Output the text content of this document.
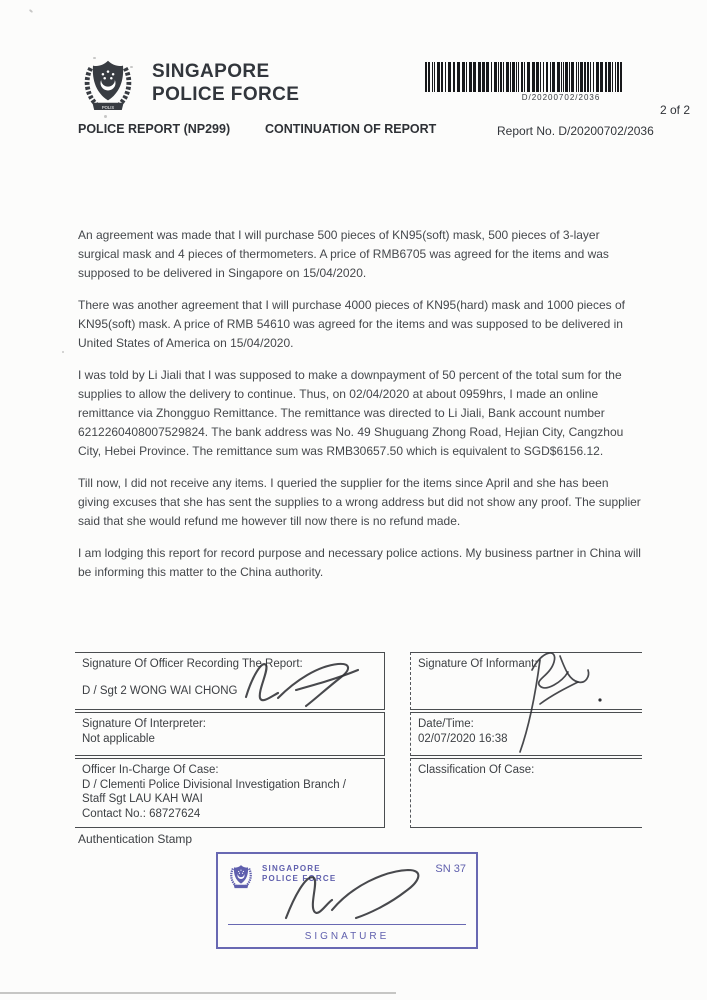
POLIS
SINGAPORE
POLICE FORCE	D/20200702/2036
2 of 2
POLICE REPORT (NP299)	CONTINUATION OF REPORT	Report No. D/20200702/2036

An agreement was made that I will purchase 500 pieces of KN95(soft) mask, 500 pieces of 3-layer surgical mask and 4 pieces of thermometers. A price of RMB6705 was agreed for the items and was supposed to be delivered in Singapore on 15/04/2020.

There was another agreement that I will purchase 4000 pieces of KN95(hard) mask and 1000 pieces of KN95(soft) mask. A price of RMB 54610 was agreed for the items and was supposed to be delivered in United States of America on 15/04/2020.

I was told by Li Jiali that I was supposed to make a downpayment of 50 percent of the total sum for the supplies to allow the delivery to continue. Thus, on 02/04/2020 at about 0959hrs, I made an online remittance via Zhongguo Remittance. The remittance was directed to Li Jiali, Bank account number 6212260408007529824. The bank address was No. 49 Shuguang Zhong Road, Hejian City, Cangzhou City, Hebei Province. The remittance sum was RMB30657.50 which is equivalent to SGD$6156.12.

Till now, I did not receive any items. I queried the supplier for the items since April and she has been giving excuses that she has sent the supplies to a wrong address but did not show any proof. The supplier said that she would refund me however till now there is no refund made.

I am lodging this report for record purpose and necessary police actions. My business partner in China will be informing this matter to the China authority.

Signature Of Officer Recording The Report:
D / Sgt 2 WONG WAI CHONG
Signature Of Informant:
Signature Of Interpreter:
Not applicable
Date/Time:
02/07/2020 16:38
Officer In-Charge Of Case:
D / Clementi Police Divisional Investigation Branch /
Staff Sgt LAU KAH WAI
Contact No.: 68727624
Classification Of Case:
Authentication Stamp
SINGAPORE
POLICE FORCE
SN 37
SIGNATURE
